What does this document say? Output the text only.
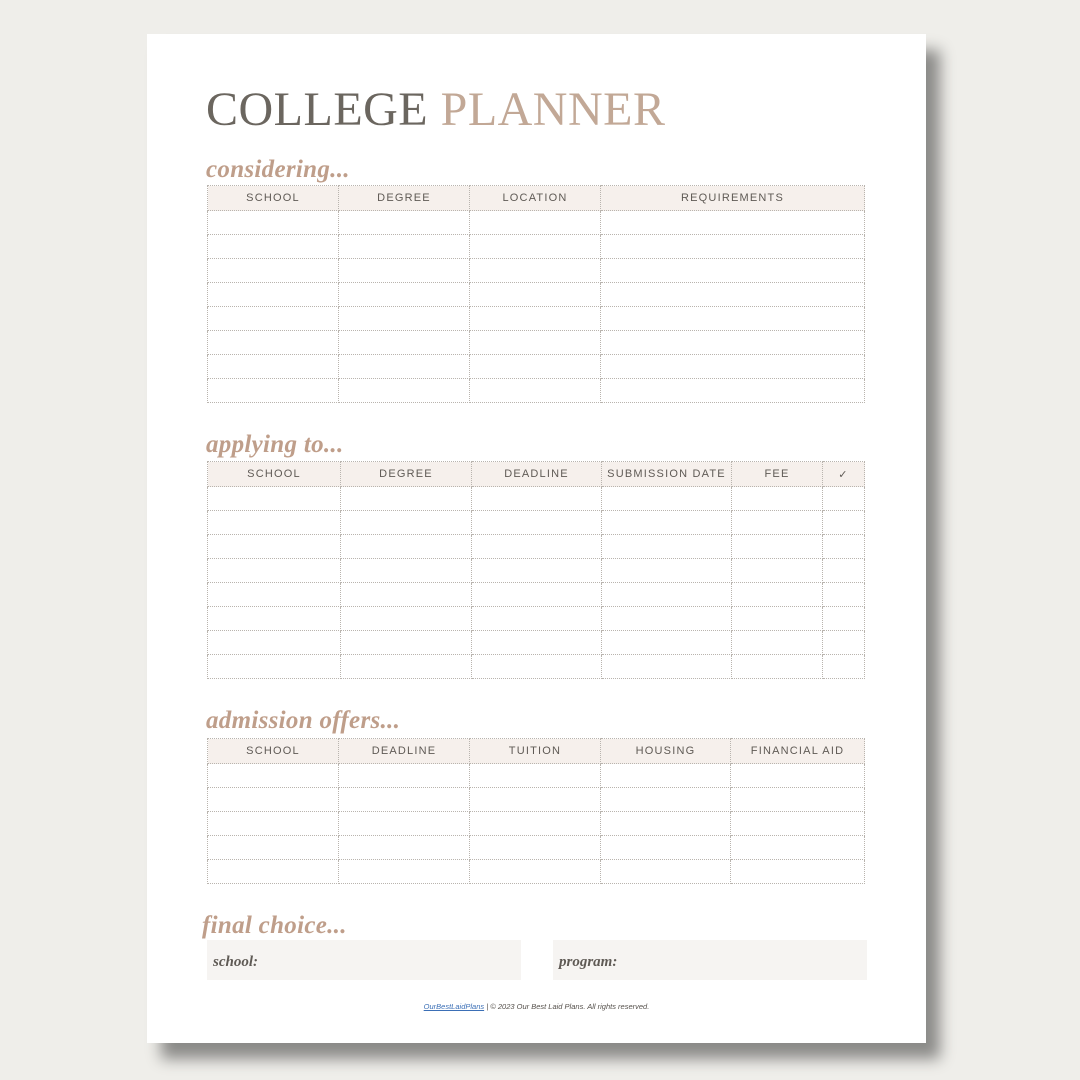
COLLEGE PLANNER
considering...
SCHOOL	DEGREE	LOCATION	REQUIREMENTS

applying to...
SCHOOL	DEGREE	DEADLINE	SUBMISSION DATE	FEE	✓

admission offers...
SCHOOL	DEADLINE	TUITION	HOUSING	FINANCIAL AID

final choice...
school:	program:
OurBestLaidPlans | © 2023 Our Best Laid Plans. All rights reserved.
